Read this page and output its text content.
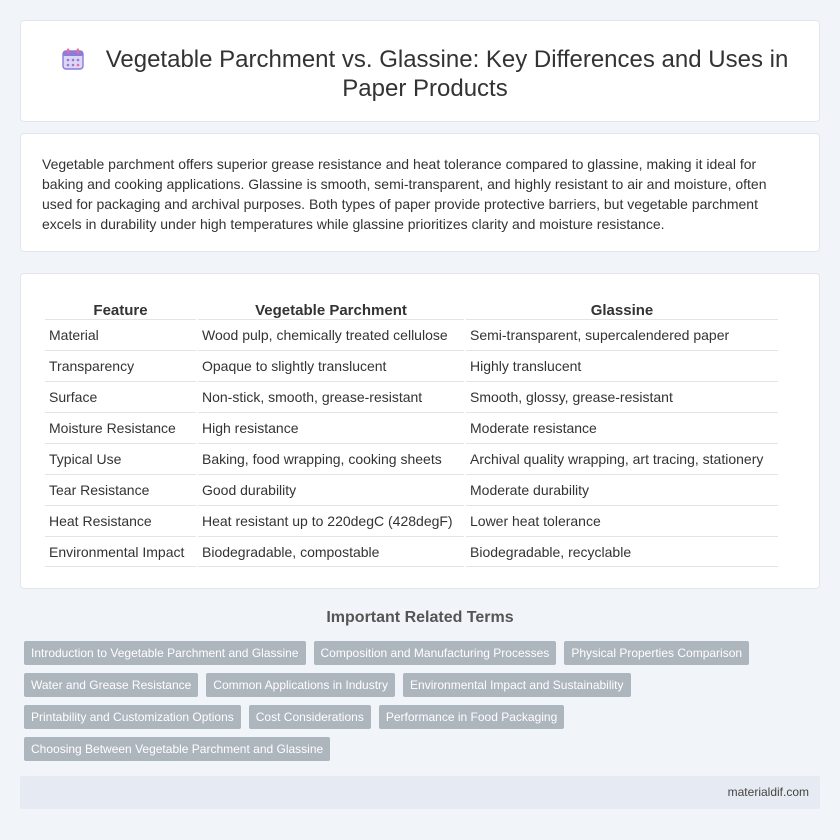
Vegetable Parchment vs. Glassine: Key Differences and Uses in Paper Products

Vegetable parchment offers superior grease resistance and heat tolerance compared to glassine, making it ideal for baking and cooking applications. Glassine is smooth, semi-transparent, and highly resistant to air and moisture, often used for packaging and archival purposes. Both types of paper provide protective barriers, but vegetable parchment excels in durability under high temperatures while glassine prioritizes clarity and moisture resistance.

Feature	Vegetable Parchment	Glassine
Material	Wood pulp, chemically treated cellulose	Semi-transparent, supercalendered paper
Transparency	Opaque to slightly translucent	Highly translucent
Surface	Non-stick, smooth, grease-resistant	Smooth, glossy, grease-resistant
Moisture Resistance	High resistance	Moderate resistance
Typical Use	Baking, food wrapping, cooking sheets	Archival quality wrapping, art tracing, stationery
Tear Resistance	Good durability	Moderate durability
Heat Resistance	Heat resistant up to 220degC (428degF)	Lower heat tolerance
Environmental Impact	Biodegradable, compostable	Biodegradable, recyclable
Important Related Terms
Introduction to Vegetable Parchment and Glassine	Composition and Manufacturing Processes	Physical Properties Comparison
Water and Grease Resistance	Common Applications in Industry	Environmental Impact and Sustainability
Printability and Customization Options	Cost Considerations	Performance in Food Packaging
Choosing Between Vegetable Parchment and Glassine
materialdif.com
